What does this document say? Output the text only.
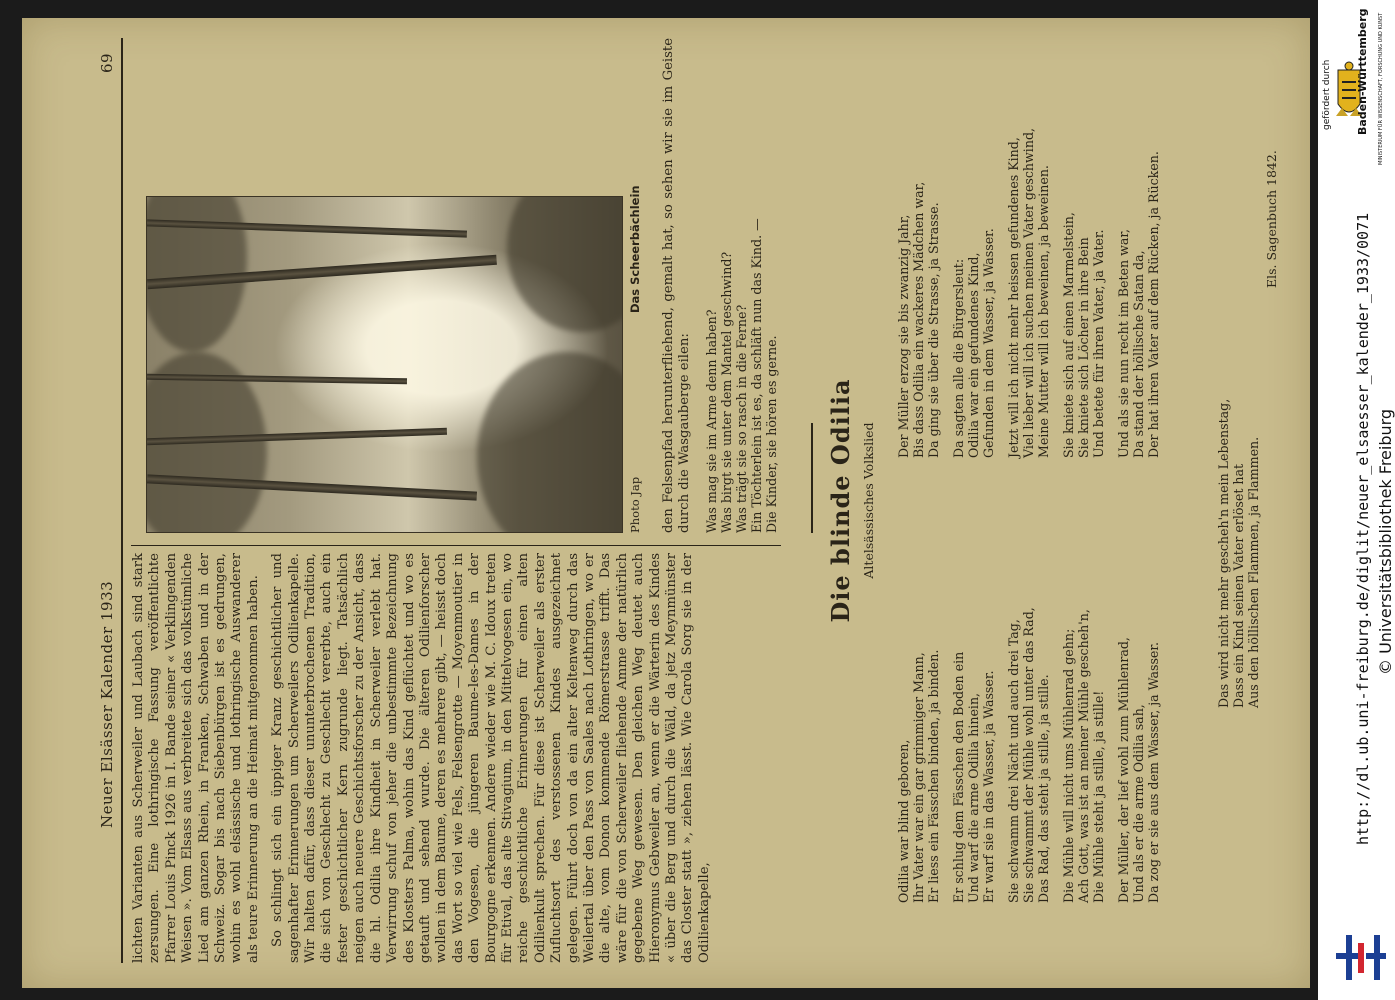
Neuer Elsässer Kalender 1933
69

lichten Varianten aus Scherweiler und Laubach sind stark zersungen. Eine lothringische Fassung veröffentlichte Pfarrer Louis Pinck 1926 in I. Bande seiner « Verklingenden Weisen ». Vom Elsass aus verbreitete sich das volkstümliche Lied am ganzen Rhein, in Franken, Schwaben und in der Schweiz. Sogar bis nach Siebenbürgen ist es gedrungen, wohin es wohl elsässische und lothringische Auswanderer als teure Erinnerung an die Heimat mitgenommen haben. So schlingt sich ein üppiger Kranz geschichtlicher und sagenhafter Erinnerungen um Scherweilers Odilienkapelle. Wir halten dafür, dass dieser ununterbrochenen Tradition, die sich von Geschlecht zu Geschlecht vererbte, auch ein fester geschichtlicher Kern zugrunde liegt. Tatsächlich neigen auch neuere Geschichtsforscher zu der Ansicht, dass die hl. Odilia ihre Kindheit in Scherweiler verlebt hat. Verwirrung schuf von jeher die unbestimmte Bezeichnung des Klosters Palma, wohin das Kind geflüchtet und wo es getauft und sehend wurde. Die älteren Odilienforscher wollen in dem Baume, deren es mehrere gibt, — heisst doch das Wort so viel wie Fels, Felsengrotte — Moyenmoutier in den Vogesen, die jüngeren Baume-les-Dames in der Bourgogne erkennen. Andere wieder wie M. C. Idoux treten für Etival, das alte Stivagium, in den Mittelvogesen ein, wo reiche geschichtliche Erinnerungen für einen alten Odilienkult sprechen. Für diese ist Scherweiler als erster Zufluchtsort des verstossenen Kindes ausgezeichnet gelegen. Führt doch von da ein alter Keltenweg durch das Weilertal über den Pass von Saales nach Lothringen, wo er die alte, vom Donon kommende Römerstrasse trifft. Das wäre für die von Scherweiler fliehende Amme der natürlich gegebene Weg gewesen. Den gleichen Weg deutet auch Hieronymus Gebweiler an, wenn er die Wärterin des Kindes « über die Berg und durch die Wäld, da jetz Meynmünster das Closter statt », ziehen lässt. Wie Carola Sorg sie in der Odilienkapelle,

Photo Jap
Das Scheerbächlein den Felsenpfad herunterfliehend, gemalt hat, so sehen wir sie im Geiste durch die Wasgauberge eilen: Was mag sie im Arme denn haben? Was birgt sie unter dem Mantel geschwind? Was trägt sie so rasch in die Ferne? Ein Töchterlein ist es, da schläft nun das Kind. — Die Kinder, sie hören es gerne. Die blinde Odilia Altelsässisches Volkslied

Odilia war blind geboren, Ihr Vater war ein gar grimmiger Mann, Er liess ein Fässchen binden, ja binden. Er schlug dem Fässchen den Boden ein Und warf die arme Odilia hinein, Er warf sie in das Wasser, ja Wasser. Sie schwamm drei Nächt und auch drei Tag, Sie schwammt der Mühle wohl unter das Rad, Das Rad, das steht ja stille, ja stille. Die Mühle will nicht ums Mühlenrad gehn; Ach Gott, was ist an meiner Mühle gescheh'n, Die Mühle steht ja stille, ja stille! Der Müller, der lief wohl zum Mühlenrad, Und als er die arme Odilia sah, Da zog er sie aus dem Wasser, ja Wasser.

Der Müller erzog sie bis zwanzig Jahr, Bis dass Odilia ein wackeres Mädchen war, Da ging sie über die Strasse, ja Strasse. Da sagten alle die Bürgersleut: Odilia war ein gefundenes Kind, Gefunden in dem Wasser, ja Wasser. Jetzt will ich nicht mehr heissen gefundenes Kind, Viel lieber will ich suchen meinen Vater geschwind, Meine Mutter will ich beweinen, ja beweinen. Sie kniete sich auf einen Marmelstein, Sie kniete sich Löcher in ihre Bein Und betete für ihren Vater, ja Vater. Und als sie nun recht im Beten war, Da stand der höllische Satan da, Der hat ihren Vater auf dem Rücken, ja Rücken.

Das wird nicht mehr gescheh'n mein Lebenstag, Dass ein Kind seinen Vater erlöset hat Aus den höllischen Flammen, ja Flammen.

Els. Sagenbuch 1842.
gefördert durch Baden-Württemberg MINISTERIUM FÜR WISSENSCHAFT, FORSCHUNG UND KUNST
http://dl.ub.uni-freiburg.de/diglit/neuer_elsaesser_kalender_1933/0071 © Universitätsbibliothek Freiburg
